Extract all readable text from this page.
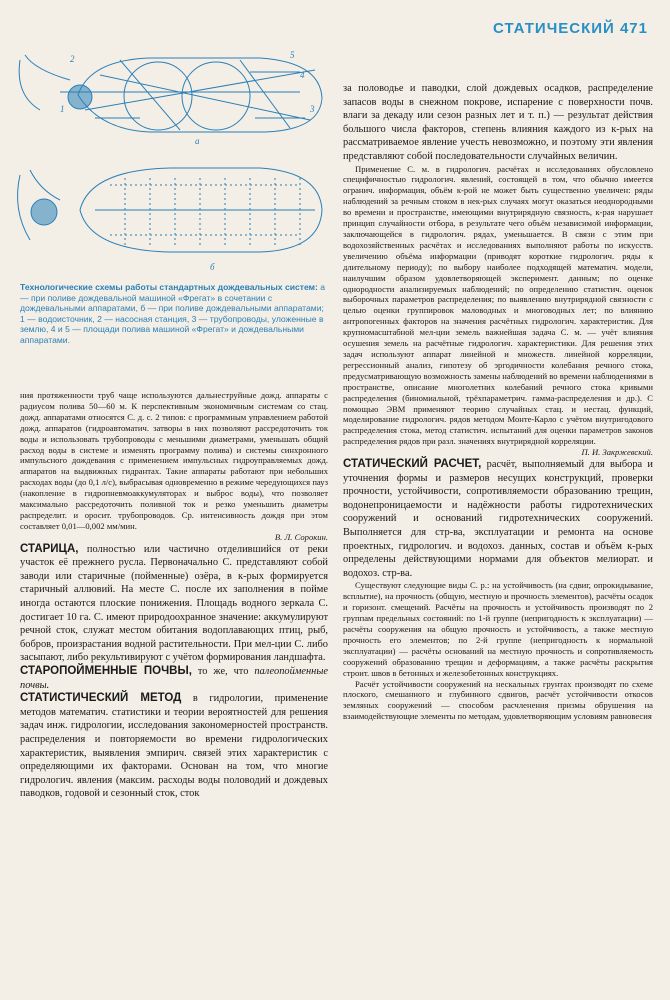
СТАТИЧЕСКИЙ 471
2
1
5
4
3
а
б
Технологические схемы работы стандартных дождевальных систем: а — при поливе дождевальной машиной «Фрегат» в сочетании с дождевальными аппаратами, б — при поливе дождевальными аппаратами; 1 — водоисточник, 2 — насосная станция, 3 — трубопроводы, уложенные в землю, 4 и 5 — площади полива машиной «Фрегат» и дождевальными аппаратами.

ния протяженности труб чаще используются дальнеструйные дожд. аппараты с радиусом полива 50—60 м. К перспективным экономичным системам со стац. дожд. аппаратами относятся С. д. с. 2 типов: с программным управлением работой дожд. аппаратов (гидроавтоматич. затворы в них позволяют рассредоточить ток воды и использовать трубопроводы с меньшими диаметрами, уменьшать общий расход воды в системе и изменять программу полива) и системы синхронного импульсного дождевания с применением импульсных гидроуправляемых дожд. аппаратов на выдвижных гидрантах. Такие аппараты работают при небольших расходах воды (до 0,1 л/с), выбрасывая одновременно в режиме чередующихся пауз (накопление в гидропневмоаккумуляторах и выброс воды), что позволяет максимально рассредоточить поливной ток и резко уменьшить диаметры распределит. и оросит. трубопроводов. Ср. интенсивность дождя при этом составляет 0,01—0,002 мм/мин.

В. Л. Сорокин.

СТАРИЦА, полностью или частично отделившийся от реки участок её прежнего русла. Первоначально С. представляют собой заводи или старичные (пойменные) озёра, в к-рых формируется старичный аллювий. На месте С. после их заполнения в пойме иногда остаются плоские понижения. Площадь водного зеркала С. достигает 10 га. С. имеют природоохранное значение: аккумулируют речной сток, служат местом обитания водоплавающих птиц, рыб, бобров, произрастания водной растительности. При мел-ции С. либо засыпают, либо рекультивируют с учётом формирования ландшафта.

СТАРОПОЙМЕННЫЕ ПОЧВЫ, то же, что палеопойменные почвы.

СТАТИСТИЧЕСКИЙ МЕТОД в гидрологии, применение методов математич. статистики и теории вероятностей для решения задач инж. гидрологии, исследования закономерностей пространств. распределения и повторяемости во времени гидрологических характеристик, выявления эмпирич. связей этих характеристик с определяющими их факторами. Основан на том, что многие гидрологич. явления (максим. расходы воды половодий и дождевых паводков, годовой и сезонный сток, сток

за половодье и паводки, слой дождевых осадков, распределение запасов воды в снежном покрове, испарение с поверхности почв. влаги за декаду или сезон разных лет и т. п.) — результат действия большого числа факторов, степень влияния каждого из к-рых на рассматриваемое явление учесть невозможно, и поэтому эти явления представляют собой последовательности случайных величин.

Применение С. м. в гидрологич. расчётах и исследованиях обусловлено специфичностью гидрологич. явлений, состоящей в том, что обычно имеется огранич. информация, объём к-рой не может быть существенно увеличен: ряды наблюдений за речным стоком в нек-рых случаях могут оказаться неоднородными во времени и пространстве, имеющими внутрирядную связность, к-рая нарушает принцип случайности отбора, в результате чего объём независимой информации, заключающейся в гидрологич. рядах, уменьшается. В связи с этим при водохозяйственных расчётах и исследованиях выполняют работы по искусств. увеличению объёма информации (приводят короткие гидрологич. ряды к длительному периоду); по выбору наиболее подходящей математич. модели, наилучшим образом удовлетворяющей эксперимент. данным; по оценке однородности анализируемых наблюдений; по определению статистич. оценок выборочных параметров распределения; по выявлению внутрирядной связности с целью оценки группировок маловодных и многоводных лет; по влиянию антропогенных факторов на значения расчётных гидрологич. характеристик. Для крупномасштабной мел-ции земель важнейшая задача С. м. — учёт влияния осушения земель на расчётные гидрологич. характеристики. Для решения этих задач используют аппарат линейной и множеств. линейной корреляции, регрессионный анализ, гипотезу об эргодичности колебания речного стока, предусматривающую возможность замены наблюдений во времени наблюдениями в пространстве, описание многолетних колебаний речного стока кривыми распределения (биномиальной, трёхпараметрич. гамма-распределения и др.). С помощью ЭВМ применяют теорию случайных стац. и нестац. функций, моделирование гидрологич. рядов методом Монте-Карло с учётом внутригодового распределения стока, метод статистич. испытаний для оценки параметров законов распределения рядов при разл. значениях внутрирядной корреляции.

П. И. Закржевский.

СТАТИЧЕСКИЙ РАСЧЕТ, расчёт, выполняемый для выбора и уточнения формы и размеров несущих конструкций, проверки прочности, устойчивости, сопротивляемости образованию трещин, водонепроницаемости и надёжности работы гидротехнических сооружений и оснований гидротехнических сооружений. Выполняется для стр-ва, эксплуатации и ремонта на основе проектных, гидрологич. и водохоз. данных, состав и объём к-рых определены действующими нормами для объектов мелиорат. и водохоз. стр-ва.

Существуют следующие виды С. р.: на устойчивость (на сдвиг, опрокидывание, всплытие), на прочность (общую, местную и прочность элементов), расчёты осадок и горизонт. смещений. Расчёты на прочность и устойчивость производят по 2 группам предельных состояний: по 1-й группе (непригодность к эксплуатации) — расчёты сооружения на общую прочность и устойчивость, а также местную прочность его элементов; по 2-й группе (непригодность к нормальной эксплуатации) — расчёты оснований на местную прочность и сопротивляемость сооружений образованию трещин и деформациям, а также расчёты раскрытия строит. швов в бетонных и железобетонных конструкциях.

Расчёт устойчивости сооружений на нескальных грунтах производят по схеме плоского, смешанного и глубинного сдвигов, расчёт устойчивости откосов земляных сооружений — способом расчленения призмы обрушения на взаимодействующие элементы по методам, удовлетворяющим условиям равновесия
